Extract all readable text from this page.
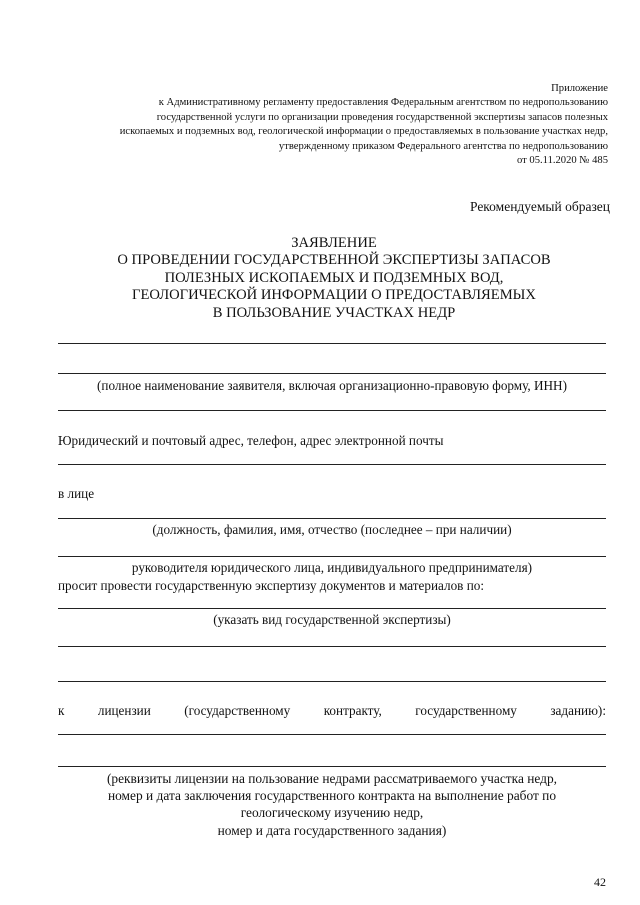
Приложение
к Административному регламенту предоставления Федеральным агентством по недропользованию
государственной услуги по организации проведения государственной экспертизы запасов полезных
ископаемых и подземных вод, геологической информации о предоставляемых в пользование участках недр,
утвержденному приказом Федерального агентства по недропользованию
от 05.11.2020 № 485
Рекомендуемый образец
ЗАЯВЛЕНИЕ
О ПРОВЕДЕНИИ ГОСУДАРСТВЕННОЙ ЭКСПЕРТИЗЫ ЗАПАСОВ
ПОЛЕЗНЫХ ИСКОПАЕМЫХ И ПОДЗЕМНЫХ ВОД,
ГЕОЛОГИЧЕСКОЙ ИНФОРМАЦИИ О ПРЕДОСТАВЛЯЕМЫХ
В ПОЛЬЗОВАНИЕ УЧАСТКАХ НЕДР
(полное наименование заявителя, включая организационно-правовую форму, ИНН)
Юридический и почтовый адрес, телефон, адрес электронной почты
в лице
(должность, фамилия, имя, отчество (последнее – при наличии)
руководителя юридического лица, индивидуального предпринимателя)
просит провести государственную экспертизу документов и материалов по:
(указать вид государственной экспертизы)
к	лицензии	(государственному	контракту,	государственному	заданию):
(реквизиты лицензии на пользование недрами рассматриваемого участка недр,
номер и дата заключения государственного контракта на выполнение работ по
геологическому изучению недр,
номер и дата государственного задания)
42
